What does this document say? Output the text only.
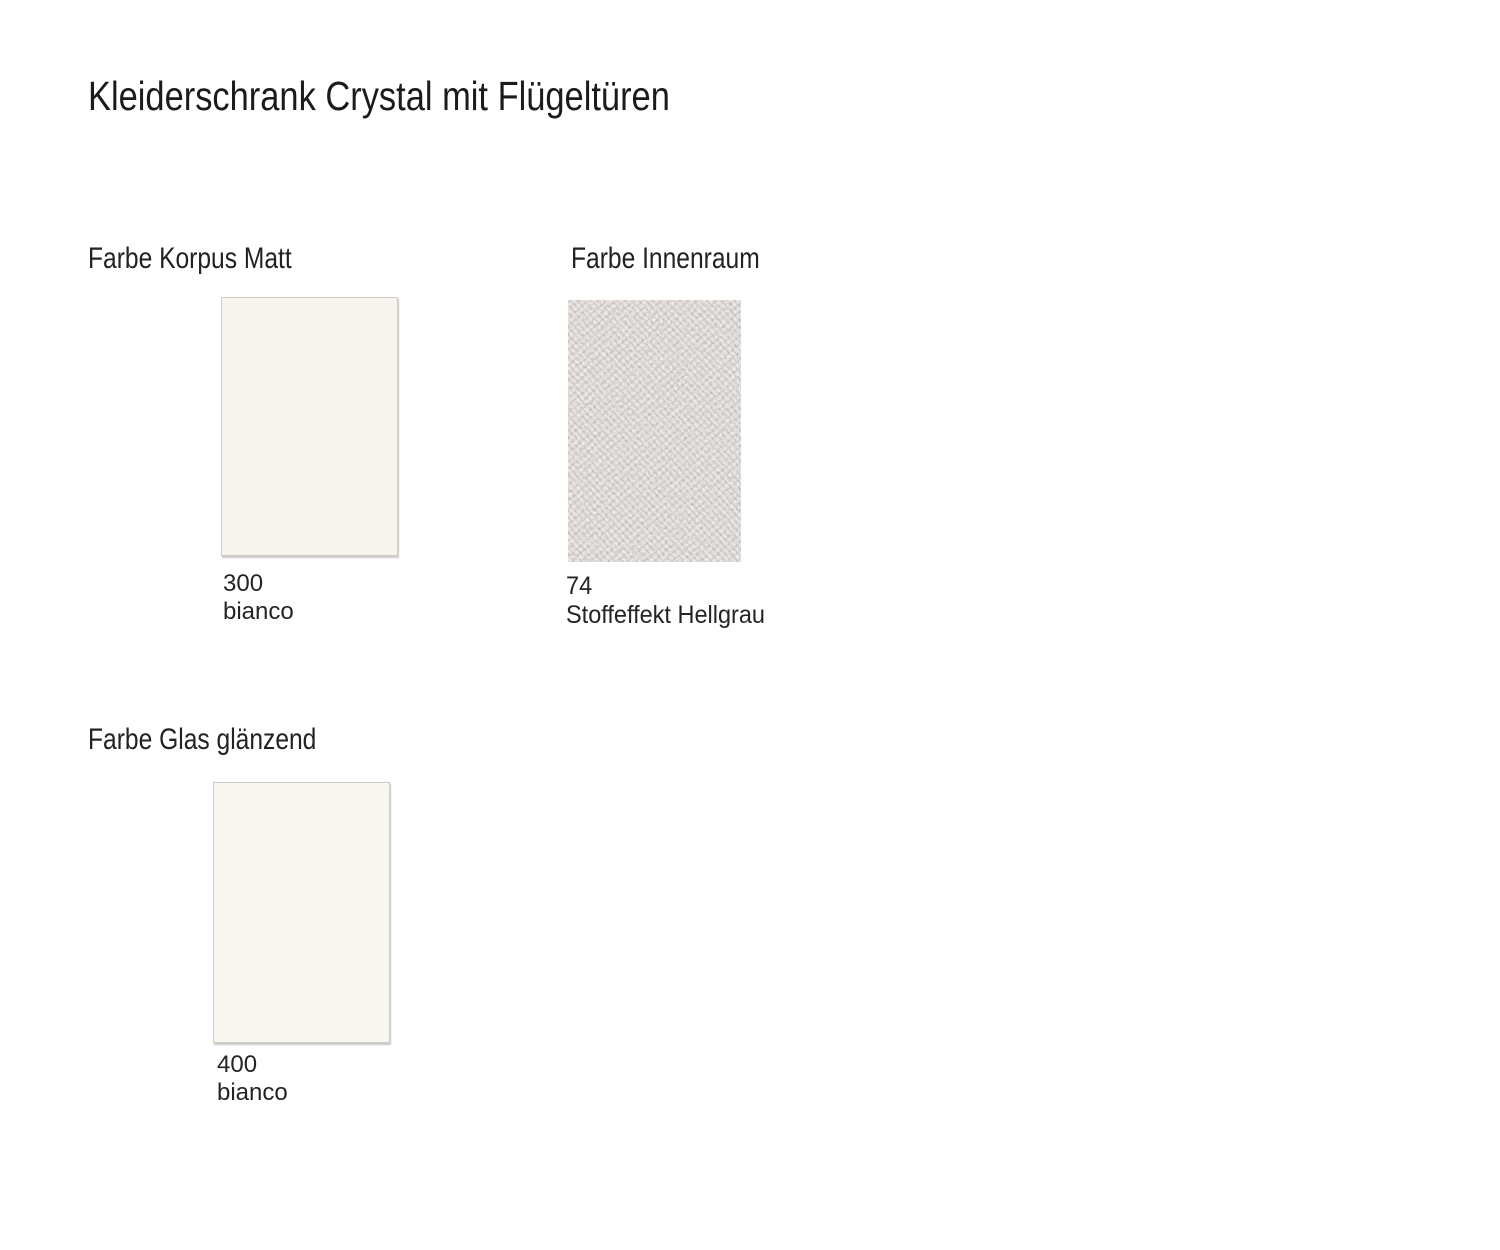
Kleiderschrank Crystal mit Flügeltüren
Farbe Korpus Matt
300
bianco
Farbe Innenraum
74
Stoffeffekt Hellgrau
Farbe Glas glänzend
400
bianco
